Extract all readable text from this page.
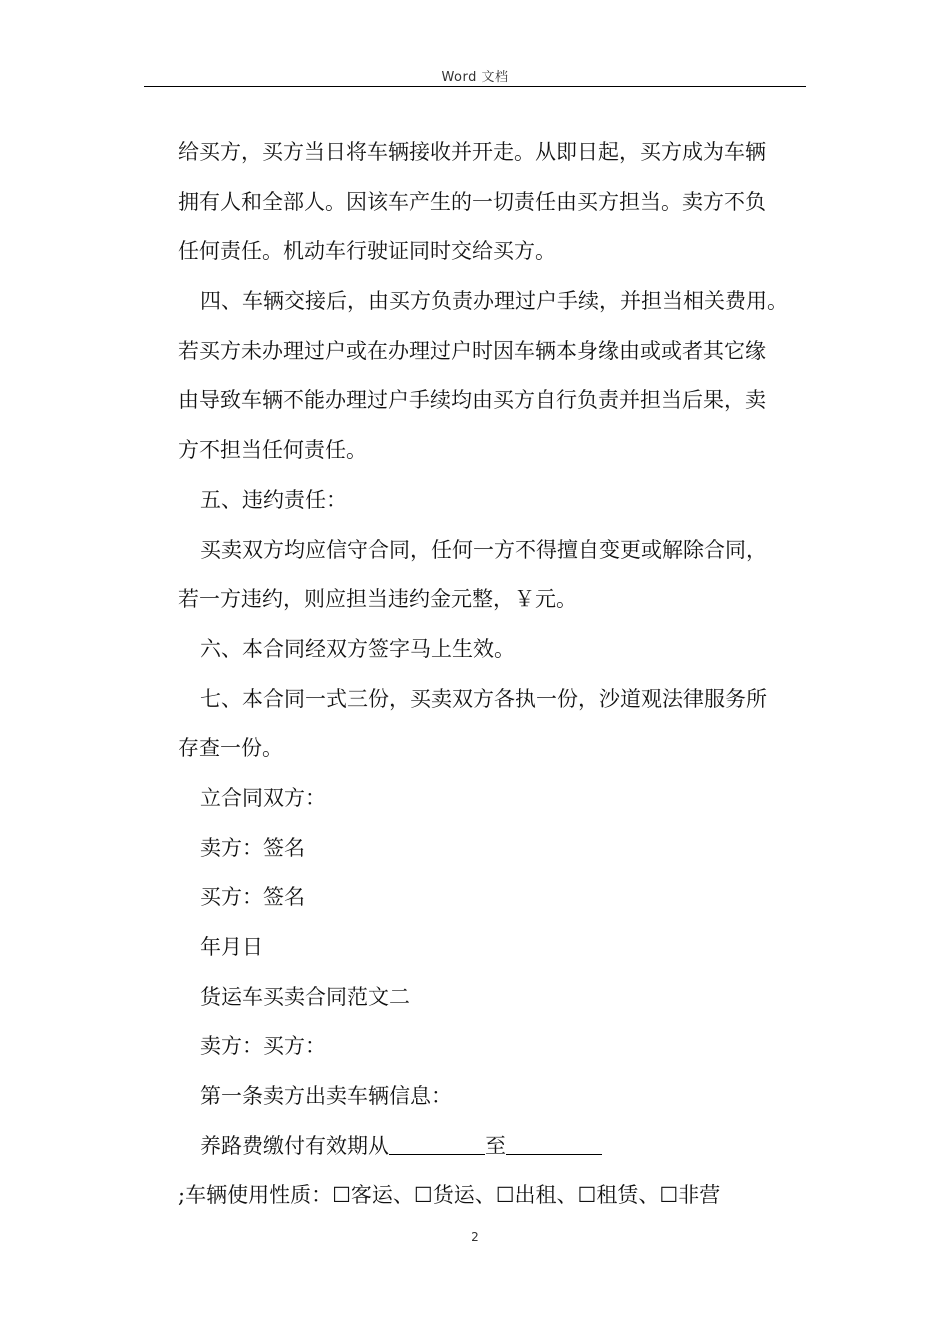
Word 文档
给买方，买方当日将车辆接收并开走。从即日起，买方成为车辆
拥有人和全部人。因该车产生的一切责任由买方担当。卖方不负
任何责任。机动车行驶证同时交给买方。
四、车辆交接后，由买方负责办理过户手续，并担当相关费用。
若买方未办理过户或在办理过户时因车辆本身缘由或或者其它缘
由导致车辆不能办理过户手续均由买方自行负责并担当后果，卖
方不担当任何责任。
五、违约责任：
买卖双方均应信守合同，任何一方不得擅自变更或解除合同，
若一方违约，则应担当违约金元整，￥元。
六、本合同经双方签字马上生效。
七、本合同一式三份，买卖双方各执一份，沙道观法律服务所
存查一份。
立合同双方：
卖方：签名
买方：签名
年月日
货运车买卖合同范文二
卖方：买方：
第一条卖方出卖车辆信息：
养路费缴付有效期从	至
;车辆使用性质：☐客运、☐货运、☐出租、☐租赁、☐非营
2
